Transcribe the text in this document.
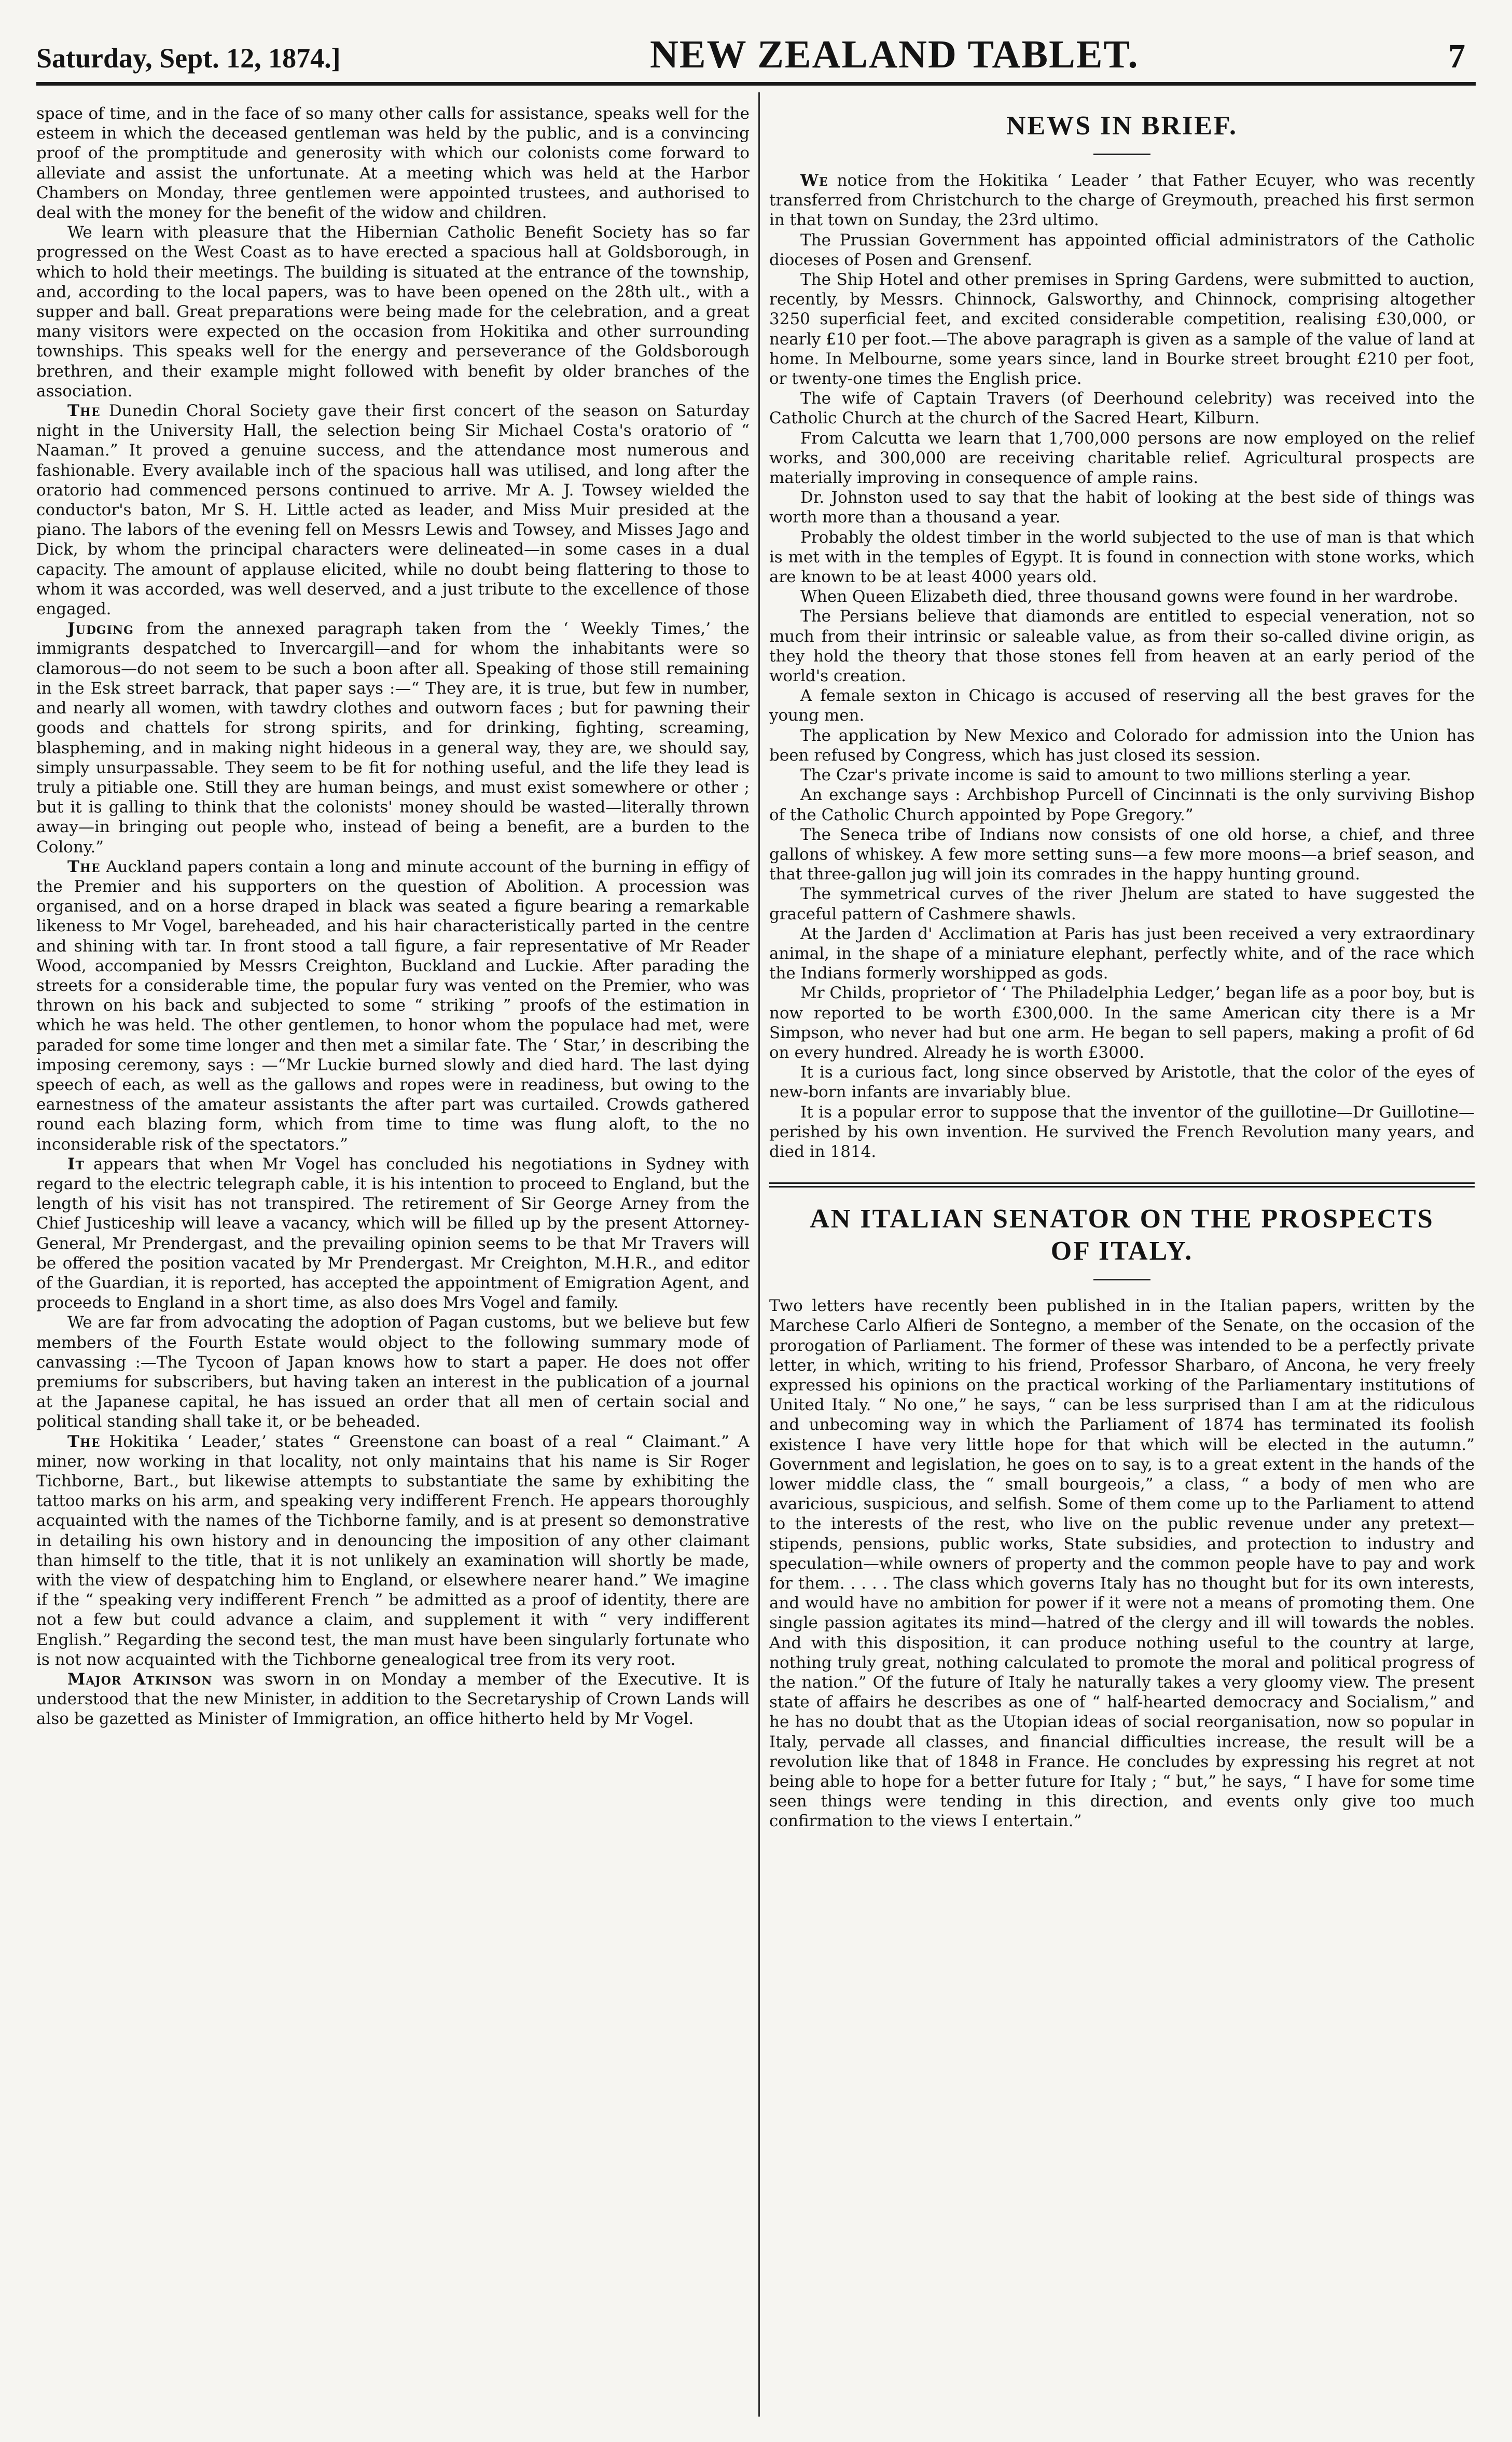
Saturday, Sept. 12, 1874.]	NEW ZEALAND TABLET.	7

space of time, and in the face of so many other calls for assistance, speaks well for the esteem in which the deceased gentleman was held by the public, and is a convincing proof of the promptitude and generosity with which our colonists come forward to alleviate and assist the unfortunate. At a meeting which was held at the Harbor Chambers on Monday, three gentlemen were appointed trustees, and authorised to deal with the money for the benefit of the widow and children.

We learn with pleasure that the Hibernian Catholic Benefit Society has so far progressed on the West Coast as to have erected a spacious hall at Goldsborough, in which to hold their meetings. The building is situated at the entrance of the township, and, according to the local papers, was to have been opened on the 28th ult., with a supper and ball. Great preparations were being made for the celebration, and a great many visitors were expected on the occasion from Hokitika and other surrounding townships. This speaks well for the energy and perseverance of the Goldsborough brethren, and their example might followed with benefit by older branches of the association.

The Dunedin Choral Society gave their first concert of the season on Saturday night in the University Hall, the selection being Sir Michael Costa's oratorio of “ Naaman.” It proved a genuine success, and the attendance most numerous and fashionable. Every available inch of the spacious hall was utilised, and long after the oratorio had commenced persons continued to arrive. Mr A. J. Towsey wielded the conductor's baton, Mr S. H. Little acted as leader, and Miss Muir presided at the piano. The labors of the evening fell on Messrs Lewis and Towsey, and Misses Jago and Dick, by whom the principal characters were delineated—in some cases in a dual capacity. The amount of applause elicited, while no doubt being flattering to those to whom it was accorded, was well deserved, and a just tribute to the excellence of those engaged.

Judging from the annexed paragraph taken from the ‘ Weekly Times,’ the immigrants despatched to Invercargill—and for whom the inhabitants were so clamorous—do not seem to be such a boon after all. Speaking of those still remaining in the Esk street barrack, that paper says :—“ They are, it is true, but few in number, and nearly all women, with tawdry clothes and outworn faces ; but for pawning their goods and chattels for strong spirits, and for drinking, fighting, screaming, blaspheming, and in making night hideous in a general way, they are, we should say, simply unsurpassable. They seem to be fit for nothing useful, and the life they lead is truly a pitiable one. Still they are human beings, and must exist somewhere or other ; but it is galling to think that the colonists' money should be wasted—literally thrown away—in bringing out people who, instead of being a benefit, are a burden to the Colony.”

The Auckland papers contain a long and minute account of the burning in effigy of the Premier and his supporters on the question of Abolition. A procession was organised, and on a horse draped in black was seated a figure bearing a remarkable likeness to Mr Vogel, bareheaded, and his hair characteristically parted in the centre and shining with tar. In front stood a tall figure, a fair representative of Mr Reader Wood, accompanied by Messrs Creighton, Buckland and Luckie. After parading the streets for a considerable time, the popular fury was vented on the Premier, who was thrown on his back and subjected to some “ striking ” proofs of the estimation in which he was held. The other gentlemen, to honor whom the populace had met, were paraded for some time longer and then met a similar fate. The ‘ Star,’ in describing the imposing ceremony, says : —“Mr Luckie burned slowly and died hard. The last dying speech of each, as well as the gallows and ropes were in readiness, but owing to the earnestness of the amateur assistants the after part was curtailed. Crowds gathered round each blazing form, which from time to time was flung aloft, to the no inconsiderable risk of the spectators.”

It appears that when Mr Vogel has concluded his negotiations in Sydney with regard to the electric telegraph cable, it is his intention to proceed to England, but the length of his visit has not transpired. The retirement of Sir George Arney from the Chief Justiceship will leave a vacancy, which will be filled up by the present Attorney-General, Mr Prendergast, and the prevailing opinion seems to be that Mr Travers will be offered the position vacated by Mr Prendergast. Mr Creighton, M.H.R., and editor of the Guardian, it is reported, has accepted the appointment of Emigration Agent, and proceeds to England in a short time, as also does Mrs Vogel and family.

We are far from advocating the adoption of Pagan customs, but we believe but few members of the Fourth Estate would object to the following summary mode of canvassing :—The Tycoon of Japan knows how to start a paper. He does not offer premiums for subscribers, but having taken an interest in the publication of a journal at the Japanese capital, he has issued an order that all men of certain social and political standing shall take it, or be beheaded.

The Hokitika ‘ Leader,’ states “ Greenstone can boast of a real “ Claimant.” A miner, now working in that locality, not only maintains that his name is Sir Roger Tichborne, Bart., but likewise attempts to substantiate the same by exhibiting the tattoo marks on his arm, and speaking very indifferent French. He appears thoroughly acquainted with the names of the Tichborne family, and is at present so demonstrative in detailing his own history and in denouncing the imposition of any other claimant than himself to the title, that it is not unlikely an examination will shortly be made, with the view of despatching him to England, or elsewhere nearer hand.” We imagine if the “ speaking very indifferent French ” be admitted as a proof of identity, there are not a few but could advance a claim, and supplement it with “ very indifferent English.” Regarding the second test, the man must have been singularly fortunate who is not now acquainted with the Tichborne genealogical tree from its very root.

Major Atkinson was sworn in on Monday a member of the Executive. It is understood that the new Minister, in addition to the Secretaryship of Crown Lands will also be gazetted as Minister of Immigration, an office hitherto held by Mr Vogel.

NEWS IN BRIEF.

We notice from the Hokitika ‘ Leader ’ that Father Ecuyer, who was recently transferred from Christchurch to the charge of Greymouth, preached his first sermon in that town on Sunday, the 23rd ultimo.

The Prussian Government has appointed official administrators of the Catholic dioceses of Posen and Grensenf.

The Ship Hotel and other premises in Spring Gardens, were submitted to auction, recently, by Messrs. Chinnock, Galsworthy, and Chinnock, comprising altogether 3250 superficial feet, and excited considerable competition, realising £30,000, or nearly £10 per foot.—The above paragraph is given as a sample of the value of land at home. In Melbourne, some years since, land in Bourke street brought £210 per foot, or twenty-one times the English price.

The wife of Captain Travers (of Deerhound celebrity) was received into the Catholic Church at the church of the Sacred Heart, Kilburn.

From Calcutta we learn that 1,700,000 persons are now employed on the relief works, and 300,000 are receiving charitable relief. Agricultural prospects are materially improving in consequence of ample rains.

Dr. Johnston used to say that the habit of looking at the best side of things was worth more than a thousand a year.

Probably the oldest timber in the world subjected to the use of man is that which is met with in the temples of Egypt. It is found in connection with stone works, which are known to be at least 4000 years old.

When Queen Elizabeth died, three thousand gowns were found in her wardrobe.

The Persians believe that diamonds are entitled to especial veneration, not so much from their intrinsic or saleable value, as from their so-called divine origin, as they hold the theory that those stones fell from heaven at an early period of the world's creation.

A female sexton in Chicago is accused of reserving all the best graves for the young men.

The application by New Mexico and Colorado for admission into the Union has been refused by Congress, which has just closed its session.

The Czar's private income is said to amount to two millions sterling a year.

An exchange says : Archbishop Purcell of Cincinnati is the only surviving Bishop of the Catholic Church appointed by Pope Gregory.”

The Seneca tribe of Indians now consists of one old horse, a chief, and three gallons of whiskey. A few more setting suns—a few more moons—a brief season, and that three-gallon jug will join its comrades in the happy hunting ground.

The symmetrical curves of the river Jhelum are stated to have suggested the graceful pattern of Cashmere shawls.

At the Jarden d' Acclimation at Paris has just been received a very extraordinary animal, in the shape of a miniature elephant, perfectly white, and of the race which the Indians formerly worshipped as gods.

Mr Childs, proprietor of ‘ The Philadelphia Ledger,’ began life as a poor boy, but is now reported to be worth £300,000. In the same American city there is a Mr Simpson, who never had but one arm. He began to sell papers, making a profit of 6d on every hundred. Already he is worth £3000.

It is a curious fact, long since observed by Aristotle, that the color of the eyes of new-born infants are invariably blue.

It is a popular error to suppose that the inventor of the guillotine—Dr Guillotine—perished by his own invention. He survived the French Revolution many years, and died in 1814.

AN ITALIAN SENATOR ON THE PROSPECTS
OF ITALY.

Two letters have recently been published in in the Italian papers, written by the Marchese Carlo Alfieri de Sontegno, a member of the Senate, on the occasion of the prorogation of Parliament. The former of these was intended to be a perfectly private letter, in which, writing to his friend, Professor Sharbaro, of Ancona, he very freely expressed his opinions on the practical working of the Parliamentary institutions of United Italy. “ No one,” he says, “ can be less surprised than I am at the ridiculous and unbecoming way in which the Parliament of 1874 has terminated its foolish existence I have very little hope for that which will be elected in the autumn.” Government and legislation, he goes on to say, is to a great extent in the hands of the lower middle class, the “ small bourgeois,” a class, “ a body of men who are avaricious, suspicious, and selfish. Some of them come up to the Parliament to attend to the interests of the rest, who live on the public revenue under any pretext—stipends, pensions, public works, State subsidies, and protection to industry and speculation—while owners of property and the common people have to pay and work for them. . . . . The class which governs Italy has no thought but for its own interests, and would have no ambition for power if it were not a means of promoting them. One single passion agitates its mind—hatred of the clergy and ill will towards the nobles. And with this disposition, it can produce nothing useful to the country at large, nothing truly great, nothing calculated to promote the moral and political progress of the nation.” Of the future of Italy he naturally takes a very gloomy view. The present state of affairs he describes as one of “ half-hearted democracy and Socialism,” and he has no doubt that as the Utopian ideas of social reorganisation, now so popular in Italy, pervade all classes, and financial difficulties increase, the result will be a revolution like that of 1848 in France. He concludes by expressing his regret at not being able to hope for a better future for Italy ; “ but,” he says, “ I have for some time seen things were tending in this direction, and events only give too much confirmation to the views I entertain.”
